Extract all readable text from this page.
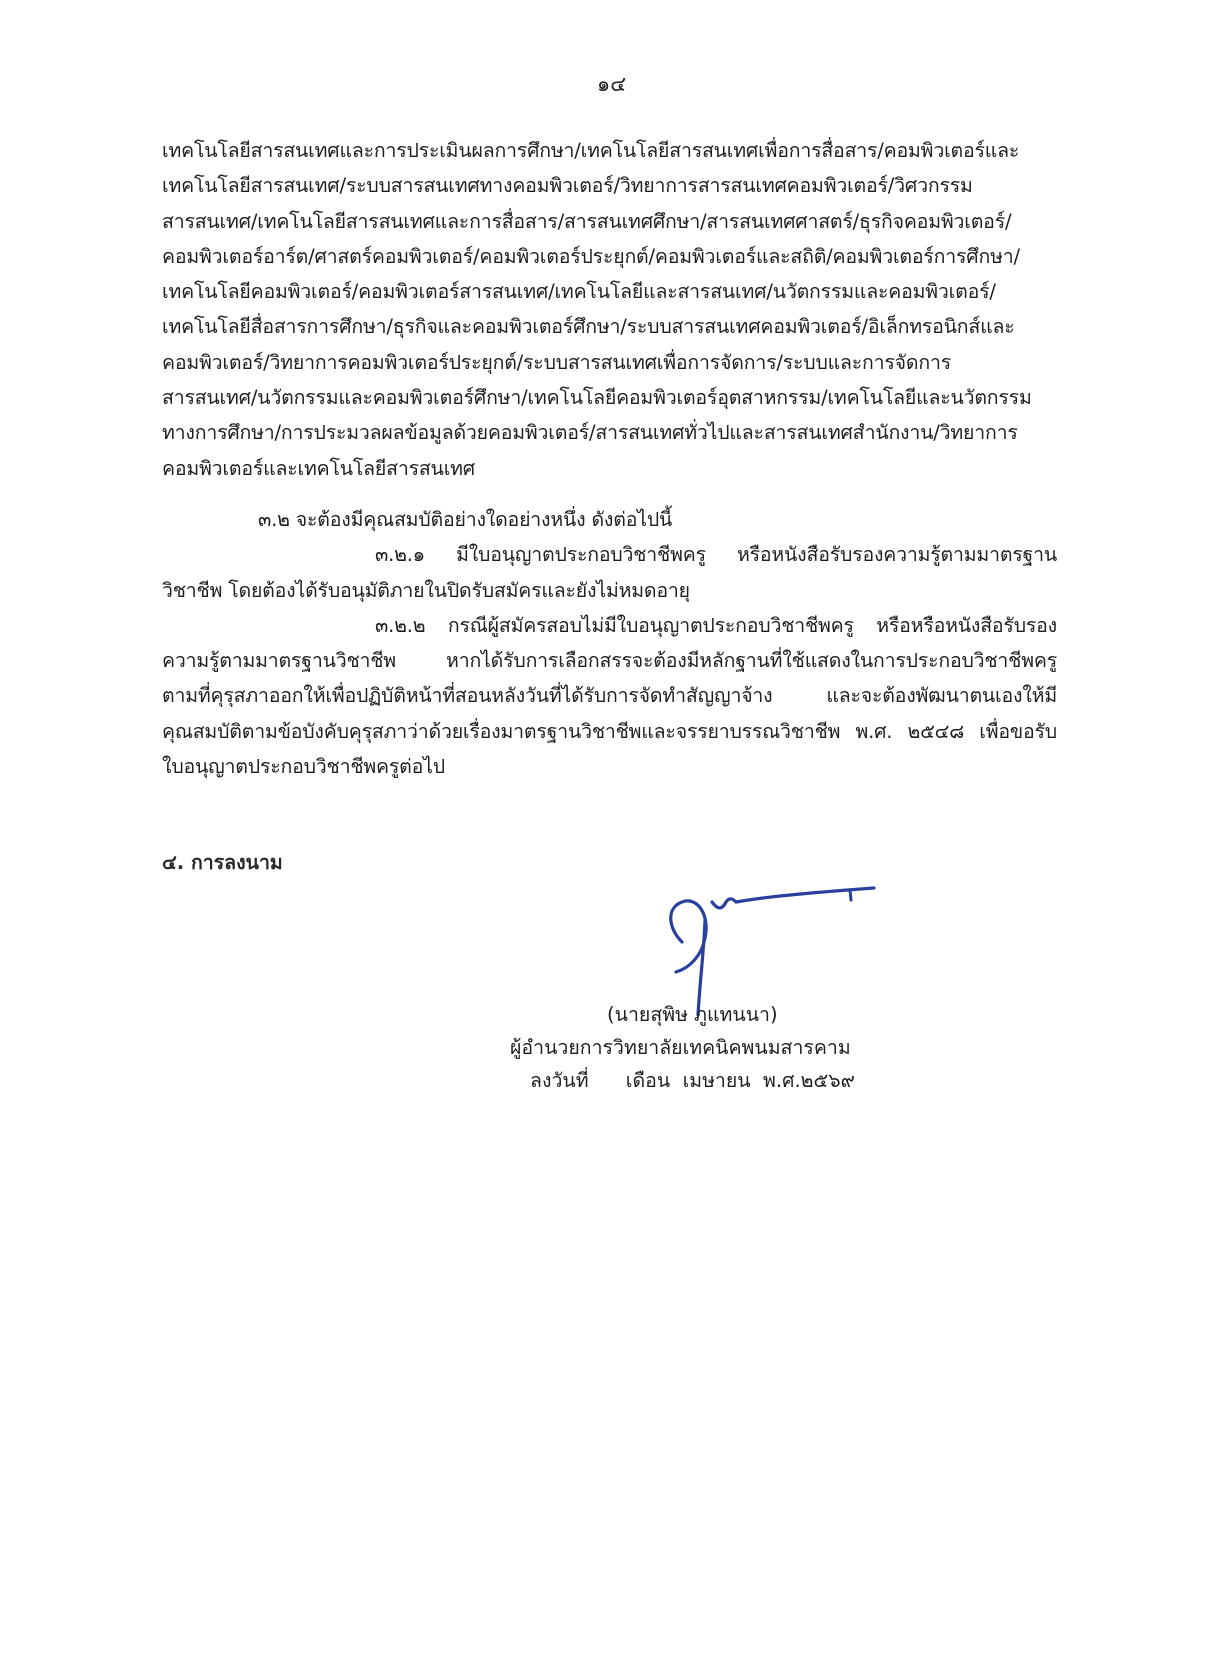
๑๔
เทคโนโลยีสารสนเทศและการประเมินผลการศึกษา/เทคโนโลยีสารสนเทศเพื่อการสื่อสาร/คอมพิวเตอร์และ
เทคโนโลยีสารสนเทศ/ระบบสารสนเทศทางคอมพิวเตอร์/วิทยาการสารสนเทศคอมพิวเตอร์/วิศวกรรม
สารสนเทศ/เทคโนโลยีสารสนเทศและการสื่อสาร/สารสนเทศศึกษา/สารสนเทศศาสตร์/ธุรกิจคอมพิวเตอร์/
คอมพิวเตอร์อาร์ต/ศาสตร์คอมพิวเตอร์/คอมพิวเตอร์ประยุกต์/คอมพิวเตอร์และสถิติ/คอมพิวเตอร์การศึกษา/
เทคโนโลยีคอมพิวเตอร์/คอมพิวเตอร์สารสนเทศ/เทคโนโลยีและสารสนเทศ/นวัตกรรมและคอมพิวเตอร์/
เทคโนโลยีสื่อสารการศึกษา/ธุรกิจและคอมพิวเตอร์ศึกษา/ระบบสารสนเทศคอมพิวเตอร์/อิเล็กทรอนิกส์และ
คอมพิวเตอร์/วิทยาการคอมพิวเตอร์ประยุกต์/ระบบสารสนเทศเพื่อการจัดการ/ระบบและการจัดการ
สารสนเทศ/นวัตกรรมและคอมพิวเตอร์ศึกษา/เทคโนโลยีคอมพิวเตอร์อุตสาหกรรม/เทคโนโลยีและนวัตกรรม
ทางการศึกษา/การประมวลผลข้อมูลด้วยคอมพิวเตอร์/สารสนเทศทั่วไปและสารสนเทศสำนักงาน/วิทยาการ
คอมพิวเตอร์และเทคโนโลยีสารสนเทศ
๓.๒ จะต้องมีคุณสมบัติอย่างใดอย่างหนึ่ง ดังต่อไปนี้
๓.๒.๑ มีใบอนุญาตประกอบวิชาชีพครู หรือหนังสือรับรองความรู้ตามมาตรฐาน
วิชาชีพ โดยต้องได้รับอนุมัติภายในปิดรับสมัครและยังไม่หมดอายุ
๓.๒.๒ กรณีผู้สมัครสอบไม่มีใบอนุญาตประกอบวิชาชีพครู หรือหรือหนังสือรับรอง
ความรู้ตามมาตรฐานวิชาชีพ หากได้รับการเลือกสรรจะต้องมีหลักฐานที่ใช้แสดงในการประกอบวิชาชีพครู
ตามที่คุรุสภาออกให้เพื่อปฏิบัติหน้าที่สอนหลังวันที่ได้รับการจัดทำสัญญาจ้าง และจะต้องพัฒนาตนเองให้มี
คุณสมบัติตามข้อบังคับคุรุสภาว่าด้วยเรื่องมาตรฐานวิชาชีพและจรรยาบรรณวิชาชีพ พ.ศ. ๒๕๔๘ เพื่อขอรับ
ใบอนุญาตประกอบวิชาชีพครูต่อไป
๔. การลงนาม
(นายสุพิษ ภูแทนนา)
ผู้อำนวยการวิทยาลัยเทคนิคพนมสารคาม
ลงวันที่      เดือน  เมษายน  พ.ศ.๒๕๖๙
